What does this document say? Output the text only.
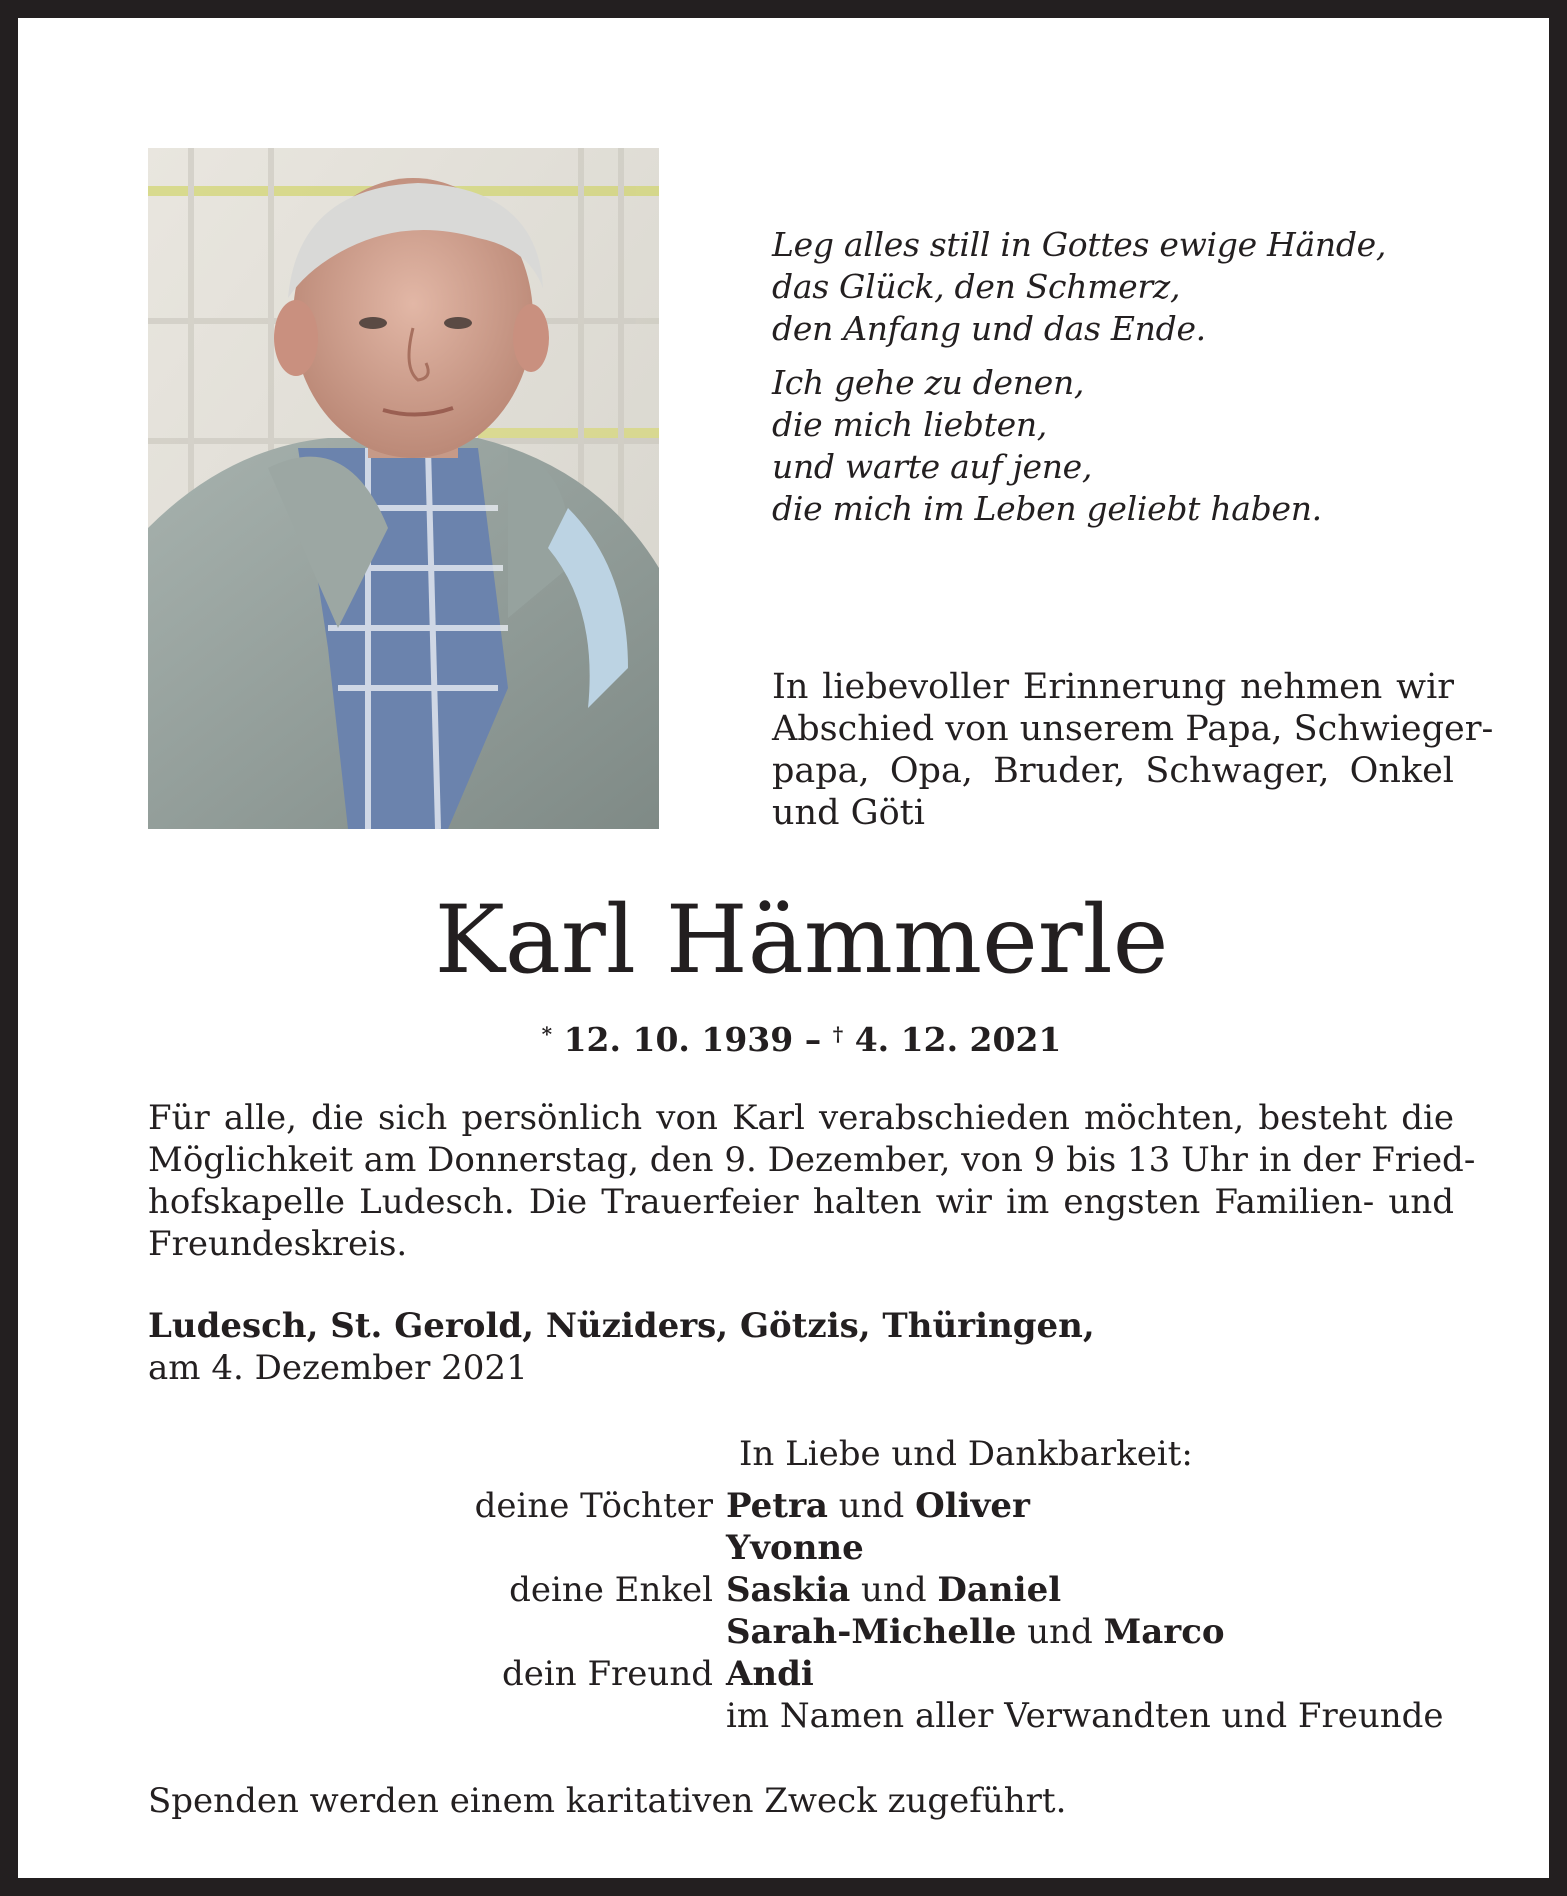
Leg alles still in Gottes ewige Hände,
das Glück, den Schmerz,
den Anfang und das Ende.
Ich gehe zu denen,
die mich liebten,
und warte auf jene,
die mich im Leben geliebt haben.
In liebevoller Erinnerung nehmen wir
Abschied von unserem Papa, Schwieger-
papa, Opa, Bruder, Schwager, Onkel
und Göti
Karl Hämmerle
* 12. 10. 1939 – † 4. 12. 2021
Für alle, die sich persönlich von Karl verabschieden möchten, besteht die
Möglichkeit am Donnerstag, den 9. Dezember, von 9 bis 13 Uhr in der Fried-
hofskapelle Ludesch. Die Trauerfeier halten wir im engsten Familien- und
Freundeskreis.
Ludesch, St. Gerold, Nüziders, Götzis, Thüringen,
am 4. Dezember 2021
In Liebe und Dankbarkeit:
deine Töchter Petra und Oliver
Yvonne
deine Enkel Saskia und Daniel
Sarah-Michelle und Marco
dein Freund Andi
im Namen aller Verwandten und Freunde
Spenden werden einem karitativen Zweck zugeführt.
